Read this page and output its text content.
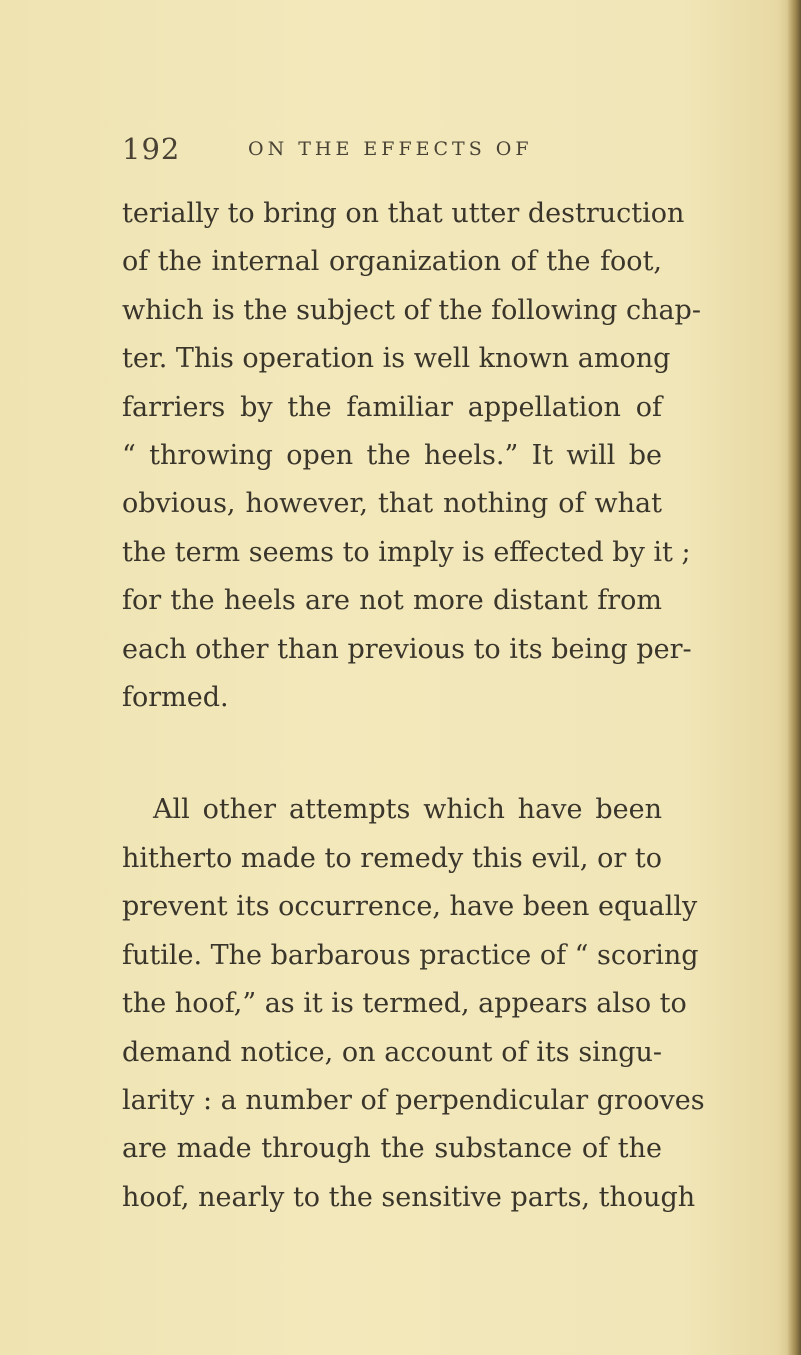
192	ON THE EFFECTS OF
terially to bring on that utter destruction
of the internal organization of the foot,
which is the subject of the following chap-
ter. This operation is well known among
farriers by the familiar appellation of
“ throwing open the heels.” It will be
obvious, however, that nothing of what
the term seems to imply is effected by it ;
for the heels are not more distant from
each other than previous to its being per-
formed.
All other attempts which have been
hitherto made to remedy this evil, or to
prevent its occurrence, have been equally
futile. The barbarous practice of “ scoring
the hoof,” as it is termed, appears also to
demand notice, on account of its singu-
larity : a number of perpendicular grooves
are made through the substance of the
hoof, nearly to the sensitive parts, though
